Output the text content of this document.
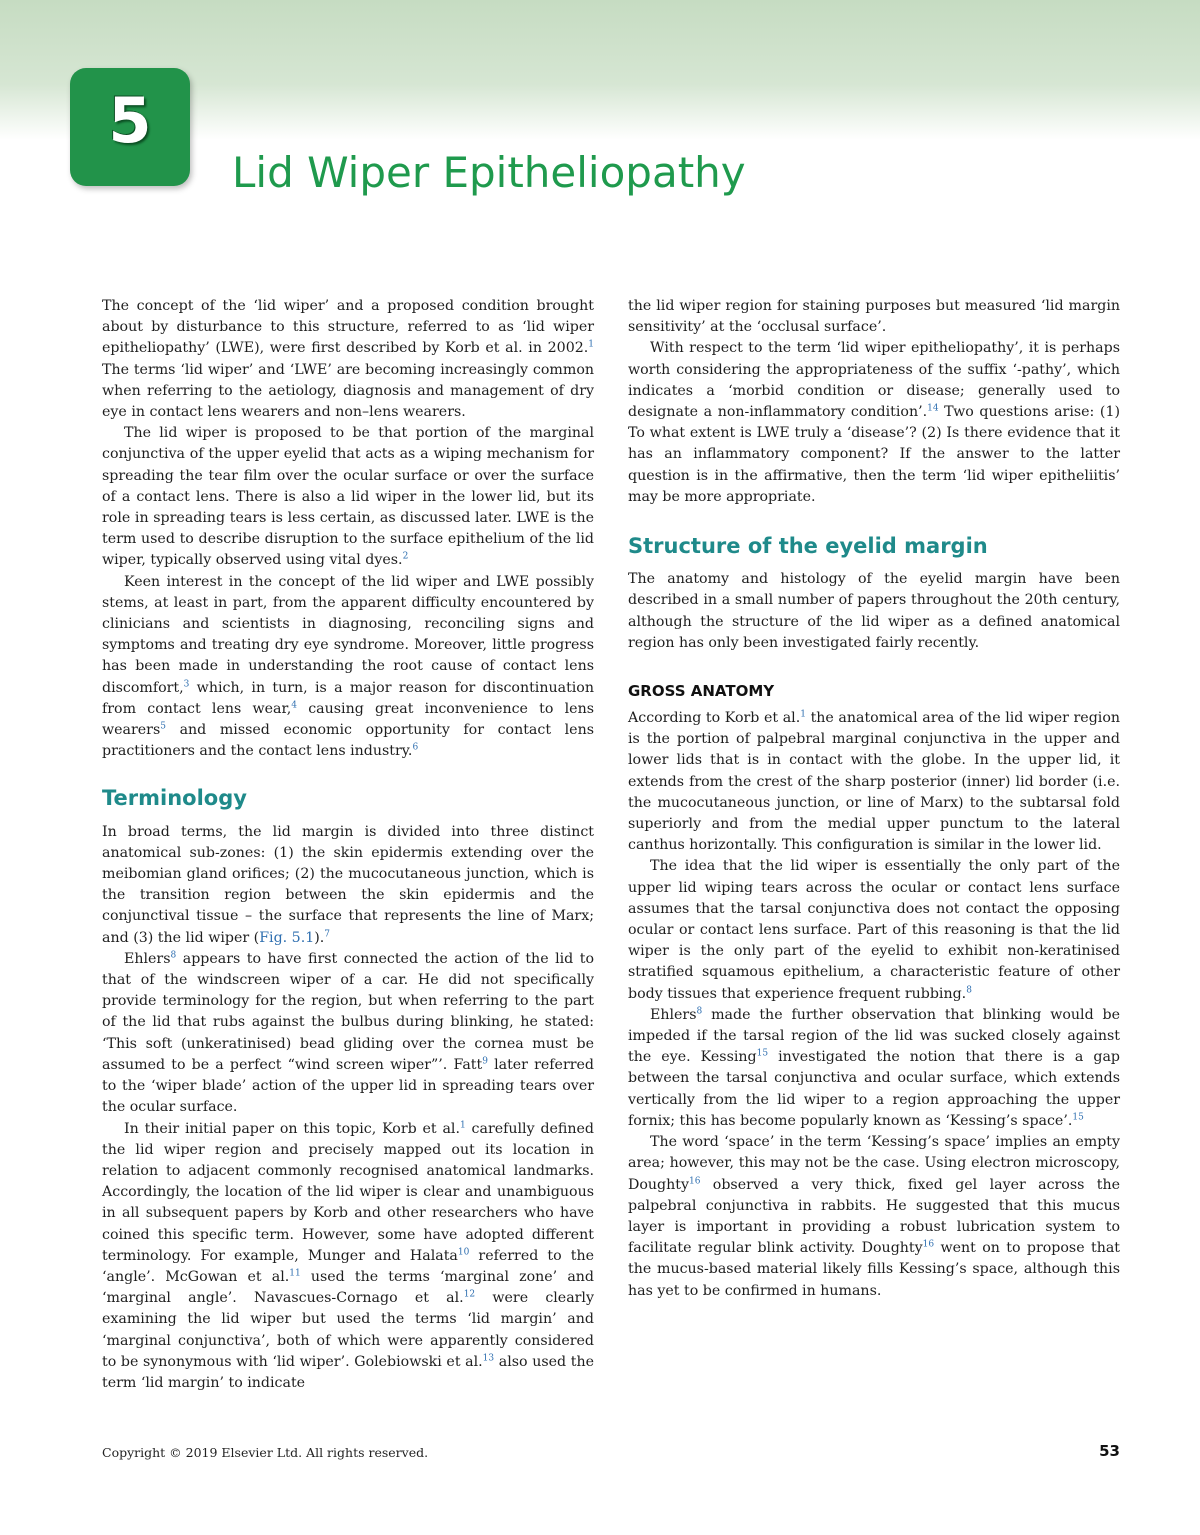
5
Lid Wiper Epitheliopathy

The concept of the ‘lid wiper’ and a proposed condition brought about by disturbance to this structure, referred to as ‘lid wiper epitheliopathy’ (LWE), were first described by Korb et al. in 2002.$^1$ The terms ‘lid wiper’ and ‘LWE’ are becoming increasingly common when referring to the aetiology, diagnosis and management of dry eye in contact lens wearers and non–lens wearers.

The lid wiper is proposed to be that portion of the marginal conjunctiva of the upper eyelid that acts as a wiping mechanism for spreading the tear film over the ocular surface or over the surface of a contact lens. There is also a lid wiper in the lower lid, but its role in spreading tears is less certain, as discussed later. LWE is the term used to describe disruption to the surface epithelium of the lid wiper, typically observed using vital dyes.$^2$

Keen interest in the concept of the lid wiper and LWE possibly stems, at least in part, from the apparent difficulty encountered by clinicians and scientists in diagnosing, reconciling signs and symptoms and treating dry eye syndrome. Moreover, little progress has been made in understanding the root cause of contact lens discomfort,$^3$ which, in turn, is a major reason for discontinuation from contact lens wear,$^4$ causing great inconvenience to lens wearers$^5$ and missed economic opportunity for contact lens practitioners and the contact lens industry.$^6$

Terminology

In broad terms, the lid margin is divided into three distinct anatomical sub-zones: (1) the skin epidermis extending over the meibomian gland orifices; (2) the mucocutaneous junction, which is the transition region between the skin epidermis and the conjunctival tissue – the surface that represents the line of Marx; and (3) the lid wiper (Fig. 5.1).$^7$

Ehlers$^8$ appears to have first connected the action of the lid to that of the windscreen wiper of a car. He did not specifically provide terminology for the region, but when referring to the part of the lid that rubs against the bulbus during blinking, he stated: ‘This soft (unkeratinised) bead gliding over the cornea must be assumed to be a perfect “wind screen wiper”’. Fatt$^9$ later referred to the ‘wiper blade’ action of the upper lid in spreading tears over the ocular surface.

In their initial paper on this topic, Korb et al.$^1$ carefully defined the lid wiper region and precisely mapped out its location in relation to adjacent commonly recognised anatomical landmarks. Accordingly, the location of the lid wiper is clear and unambiguous in all subsequent papers by Korb and other researchers who have coined this specific term. However, some have adopted different terminology. For example, Munger and Halata$^{10}$ referred to the ‘angle’. McGowan et al.$^{11}$ used the terms ‘marginal zone’ and ‘marginal angle’. Navascues-Cornago et al.$^{12}$ were clearly examining the lid wiper but used the terms ‘lid margin’ and ‘marginal conjunctiva’, both of which were apparently considered to be synonymous with ‘lid wiper’. Golebiowski et al.$^{13}$ also used the term ‘lid margin’ to indicate

the lid wiper region for staining purposes but measured ‘lid margin sensitivity’ at the ‘occlusal surface’.

With respect to the term ‘lid wiper epitheliopathy’, it is perhaps worth considering the appropriateness of the suffix ‘-pathy’, which indicates a ‘morbid condition or disease; generally used to designate a non-inflammatory condition’.$^{14}$ Two questions arise: (1) To what extent is LWE truly a ‘disease’? (2) Is there evidence that it has an inflammatory component? If the answer to the latter question is in the affirmative, then the term ‘lid wiper epitheliitis’ may be more appropriate.

Structure of the eyelid margin

The anatomy and histology of the eyelid margin have been described in a small number of papers throughout the 20th century, although the structure of the lid wiper as a defined anatomical region has only been investigated fairly recently.

GROSS ANATOMY

According to Korb et al.$^1$ the anatomical area of the lid wiper region is the portion of palpebral marginal conjunctiva in the upper and lower lids that is in contact with the globe. In the upper lid, it extends from the crest of the sharp posterior (inner) lid border (i.e. the mucocutaneous junction, or line of Marx) to the subtarsal fold superiorly and from the medial upper punctum to the lateral canthus horizontally. This configuration is similar in the lower lid.

The idea that the lid wiper is essentially the only part of the upper lid wiping tears across the ocular or contact lens surface assumes that the tarsal conjunctiva does not contact the opposing ocular or contact lens surface. Part of this reasoning is that the lid wiper is the only part of the eyelid to exhibit non-keratinised stratified squamous epithelium, a characteristic feature of other body tissues that experience frequent rubbing.$^8$

Ehlers$^8$ made the further observation that blinking would be impeded if the tarsal region of the lid was sucked closely against the eye. Kessing$^{15}$ investigated the notion that there is a gap between the tarsal conjunctiva and ocular surface, which extends vertically from the lid wiper to a region approaching the upper fornix; this has become popularly known as ‘Kessing’s space’.$^{15}$

The word ‘space’ in the term ‘Kessing’s space’ implies an empty area; however, this may not be the case. Using electron microscopy, Doughty$^{16}$ observed a very thick, fixed gel layer across the palpebral conjunctiva in rabbits. He suggested that this mucus layer is important in providing a robust lubrication system to facilitate regular blink activity. Doughty$^{16}$ went on to propose that the mucus-based material likely fills Kessing’s space, although this has yet to be confirmed in humans.

Copyright © 2019 Elsevier Ltd. All rights reserved.	53
